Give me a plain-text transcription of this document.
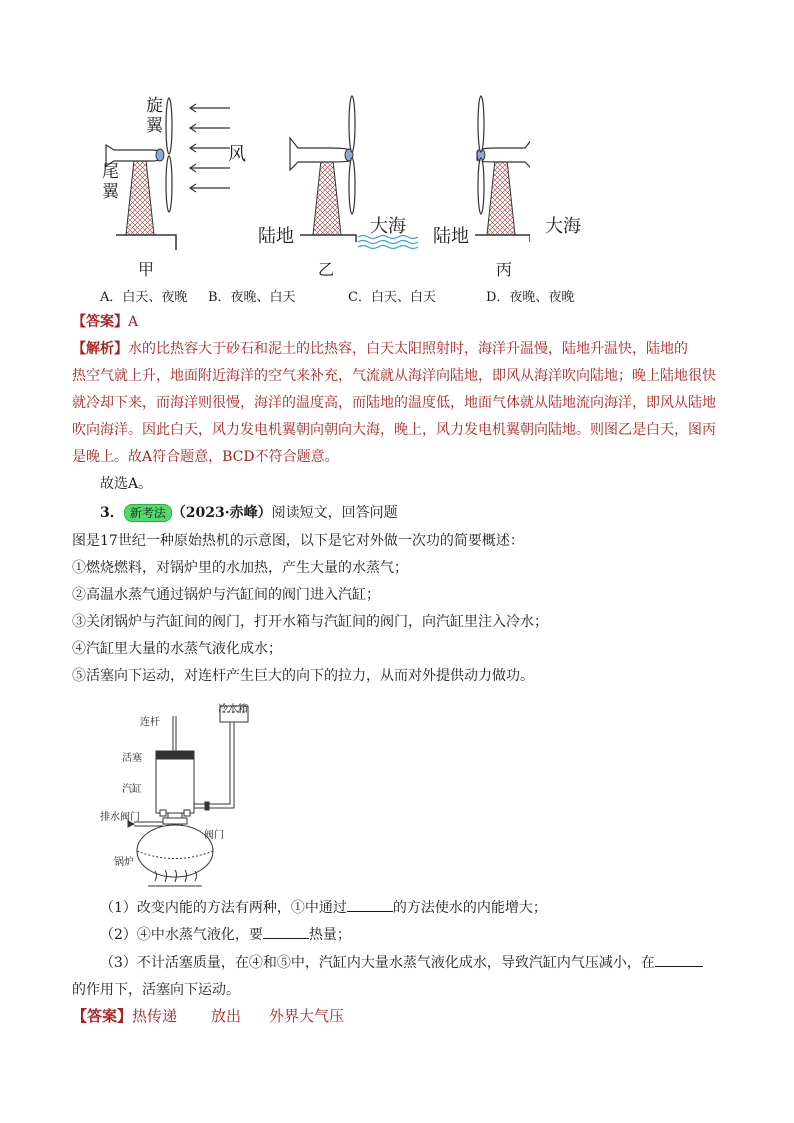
旋翼
尾翼
风
陆地	大海 陆地	大海
甲	乙	丙
A．白天、夜晚 B．夜晚、白天	C．白天、白天	D．夜晚、夜晚
【答案】A
【解析】水的比热容大于砂石和泥土的比热容，白天太阳照射时，海洋升温慢，陆地升温快，陆地的
热空气就上升，地面附近海洋的空气来补充，气流就从海洋向陆地，即风从海洋吹向陆地；晚上陆地很快
就冷却下来，而海洋则很慢，海洋的温度高，而陆地的温度低，地面气体就从陆地流向海洋，即风从陆地
吹向海洋。因此白天，风力发电机翼朝向朝向大海，晚上，风力发电机翼朝向陆地。则图乙是白天，图丙
是晚上。故A符合题意，BCD不符合题意。
故选A。
3． 新考法 （2023·赤峰）阅读短文，回答问题
图是17世纪一种原始热机的示意图，以下是它对外做一次功的简要概述：
①燃烧燃料，对锅炉里的水加热，产生大量的水蒸气；
②高温水蒸气通过锅炉与汽缸间的阀门进入汽缸；
③关闭锅炉与汽缸间的阀门，打开水箱与汽缸间的阀门，向汽缸里注入冷水；
④汽缸里大量的水蒸气液化成水；
⑤活塞向下运动，对连杆产生巨大的向下的拉力，从而对外提供动力做功。
连杆
活塞
汽缸
排水阀门
锅炉
冷水箱
阀门
（1）改变内能的方法有两种，①中通过	的方法使水的内能增大；
（2）④中水蒸气液化，要	热量；
（3）不计活塞质量，在④和⑤中，汽缸内大量水蒸气液化成水，导致汽缸内气压减小，在
的作用下，活塞向下运动。
【答案】热传递 放出 外界大气压
